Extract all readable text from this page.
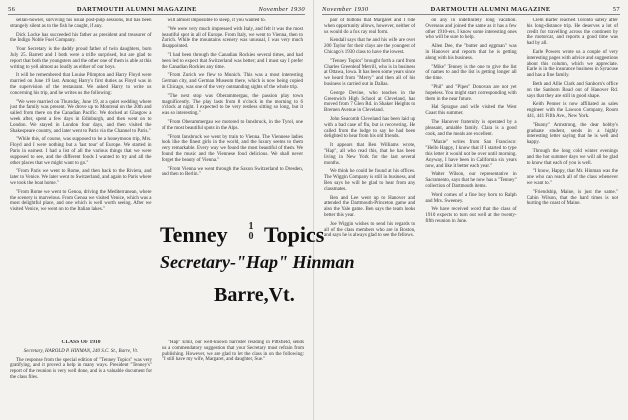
56	DARTMOUTH ALUMNI MAGAZINE	November 1930

sellan-howler, surviving his usual post-pulp sessions, but has been strangely silent as to the fish he caught, if any.

Dick Locke has succeeded his father as president and treasurer of the Indigo Noble Fuel Company.

Your Secretary is the daddy proud father of twin daughters, born July 25. Barrett and I both were a trifle surprised, but are glad to report that both the youngsters and the other one of them is able at this writing to yell almost as loudly as either of our boys.

It will be remembered that Louise Plimpton and Harry Floyd were married on June 19 last. Among Harry's first duties as Floyd was in the supervision of the restaurant. We asked Harry to write us concerning his trip, and he writes us the following:

"We were married on Thursday, June 19, at a quiet wedding where just the family was present. We drove up to Montreal on the 20th and sailed from there on the Canadian Pacific. We docked at Glasgow a week after, spent a few days in Edinburgh, and then went on to London. We stayed in London four days, and then visited the Shakespeare country, and later went to Paris via the Channel to Paris."

"While this, of course, was supposed to be a honeymoon trip, Mrs. Floyd and I were nothing but a 'last tour' of Europe. We started in Paris in earnest. I had a list of all the various things that we were supposed to see, and the different foods I wanted to try and all the other places that we might want to go."

"From Paris we went to Rome, and then back to the Riviera, and later to Venice. We later went to Switzerland, and again to Paris where we took the boat home."

"From Rome we went to Genoa, driving the Mediterranean, where the scenery is marvelous. From Genoa we visited Venice, which was a most delightful place, and one which is well worth seeing. After we visited Venice, we went on to the Italian lakes."

will almost impossible to sleep, if you wanted to.

"We were very much impressed with Italy, and felt it was the most beautiful spot in all of Europe. From Italy, we went to Vienna, then to Zurich. While the mountains scenery was unusual, I was very much disappointed.

"I had been through the Canadian Rockies several times, and had been led to expect that Switzerland was better; and I must say I prefer the Canadian Rockies any time.

"From Zurich we flew to Munich. This was a most interesting German city, and German Museum there, which is now being copied in Chicago, was one of the very outstanding sights of the whole trip.

"The next stop was Oberammergau, the passion play town magnificently. The play lasts from 8 o'clock in the morning to 6 o'clock at night. I expected to be very restless sitting so long, but it was so interesting."

"From Oberammergau we motored to Innsbruck, in the Tyrol, one of the most beautiful spots in the Alps.

"From Innsbruck we went by train to Vienna. The Viennese ladies look like the finest girls in the world, and the luxury seems to them very remarkable. Every way we found the most beautiful of them. We found the music and the Viennese food delicious. We shall never forget the beauty of Vienna."

"From Vienna we went through the Saxon Switzerland to Dresden, and then to Berlin."

CLASS OF 1910

Secretary, HAROLD P. HINMAN, 240 S.C. St., Barre, Vt.

The response from the special edition of "Tenney Topics" was very gratifying, and it proved a help in many ways. President "Tenney's" report of the reunion is very well done, and is a valuable document for the class files.

"Hap" Emil, our well-known barrister residing in Pittsfield, sends us a commendatory suggestion that your Secretary must refrain from publishing. However, we are glad to let the class in on the following: "I still have my wife, Margaret, and daughter, Sue."

November 1930	DARTMOUTH ALUMNI MAGAZINE	57

pair of buttons that Margaret and I ride when opportunity allows, however, neither of us would do a fox ray real form.

Kendall says that he and his wife are over 200 Taylor for their clays are the youngest of Chicago's 1930 class to have the lowest.

"Tenney Topics" brought forth a card from Charles Greenleaf Merrill, who is in business at Ottawa, Iowa. It has been some years since we heard from "Merry" and then all of his business is carried out in Dallas.

George Devine, who teaches in the Greenwich High School at Cleveland, has moved from 7 Glen Rd. in Shaker Heights to Bremen Avenue in Cleveland.

John Seacomb Cleveland has been laid up with a bad case of flu, but is recovering. He called from the lodge to say he had been delighted to hear from his old friends.

It appears that Ben Williams wrote, "Hap", all who read this, that he has been living in New York for the last several months.

We think he could be found at his offices. The Wiggin Company is still in business, and Ben says he will be glad to hear from any classmates.

Ben and Lee went up to Hanover and attended the Dartmouth-Princeton game and also the Yale game. Ben says the team looks better this year.

Joe Wiggin wishes to send his regards to all of the class members who are in Boston, and says he is always glad to see the fellows.

on any in indefinitely long vacation. Overseas and joined the same as it has a few other 1910-ers. I know some interesting ones who will be sure to help.

Allen Dee, the "butter and eggman" was in Hanover and reports that he is getting along with his business.

"Mike" Tenney is the one to give the list of names to and the list is getting longer all the time.

"Phil" and "Pipes" Donovan are not yet hopeless. You might start corresponding with them in the near future.

Hal Sprague and wife visited the West Coast this summer.

The Hanover fraternity is operated by a pleasant, amiable family. Clara is a good cook, and the meals are excellent.

"Maxie" writes from San Francisco: "Hello Happy, I know that if I started to type this letter it would not be over until morning. Anyway, I have been in California six years now, and like it better each year."

Walter Wilson, our representative in Sacramento, says that he now has a "Tenney" collection of Dartmouth items.

Word comes of a fine boy born to Ralph and Mrs. Sweeney.

We have received word that the class of 1910 expects to turn out well at the twenty-fifth reunion in June.

Clem Barter reached Toronto safely after his long-distance trip. He deserves a lot of credit for travelling across the continent by the motorcar, and reports a good time was had by all.

Earle Powers wrote us a couple of very interesting pages with advice and suggestions about this column, which we appreciate. Earle is in the insurance business in Syracuse and has a fine family.

Beth and Allie Clark and Sanborn's office on the Sanborn Road out of Hanover Rd. says that they are still in good shape.

Keith Penner is now affiliated as sales engineer with the Lawson Company, Room 441, 441 Fifth Ave., New York.

"Bunny" Armstrong, the dear hobby's graduate student, sends in a highly interesting letter saying that he is well and happy.

Through the long cold winter evenings and the hot summer days we will all be glad to know that each of you is well.

"I know, Happy, that Mr. Hinman was the one who can reach all of the class whenever we want to."

"Friendship, Maine, is just the same." Cabin Wilson, that the hard times is not hurting the coast of Maine.

Tenney	1
0 Topics
Secretary-"Hap" Hinman
Barre,Vt.
